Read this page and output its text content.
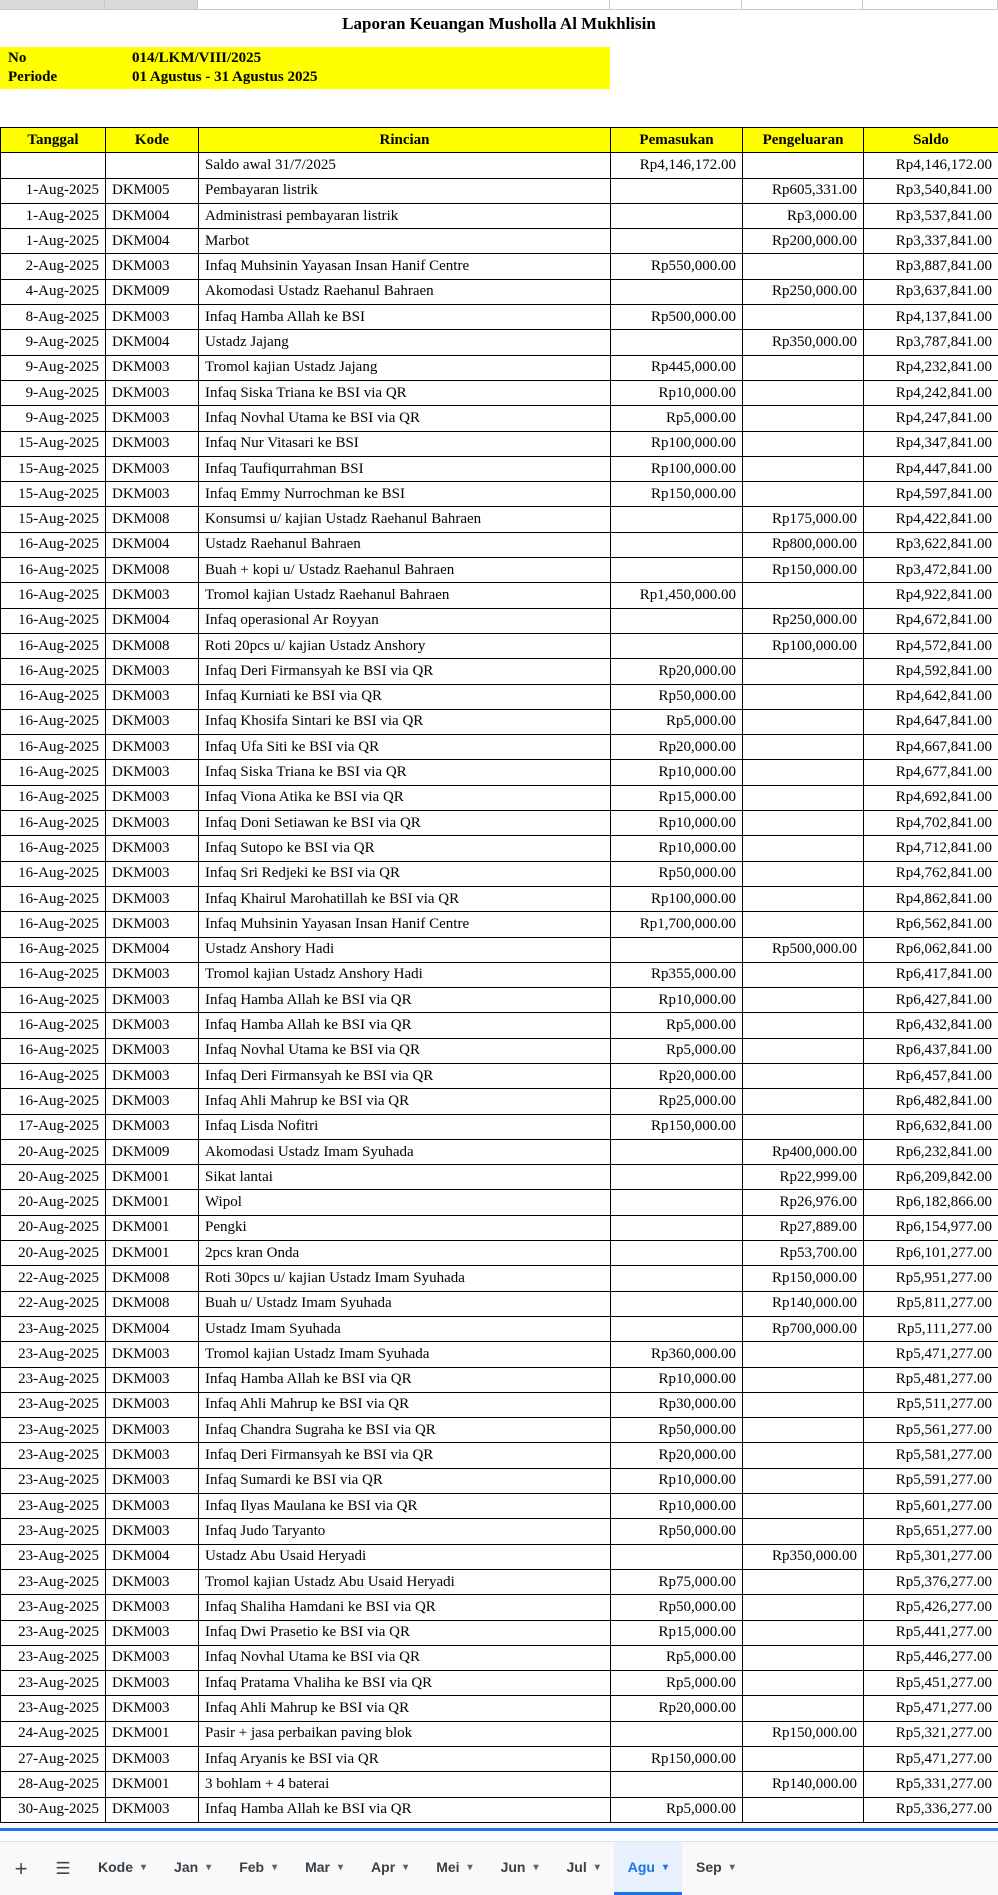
Laporan Keuangan Musholla Al Mukhlisin
No	014/LKM/VIII/2025
Periode	01 Agustus - 31 Agustus 2025
Tanggal	Kode	Rincian	Pemasukan	Pengeluaran	Saldo
		Saldo awal 31/7/2025	Rp4,146,172.00		Rp4,146,172.00
1-Aug-2025	DKM005	Pembayaran listrik		Rp605,331.00	Rp3,540,841.00
1-Aug-2025	DKM004	Administrasi pembayaran listrik		Rp3,000.00	Rp3,537,841.00
1-Aug-2025	DKM004	Marbot		Rp200,000.00	Rp3,337,841.00
2-Aug-2025	DKM003	Infaq Muhsinin Yayasan Insan Hanif Centre	Rp550,000.00		Rp3,887,841.00
4-Aug-2025	DKM009	Akomodasi Ustadz Raehanul Bahraen		Rp250,000.00	Rp3,637,841.00
8-Aug-2025	DKM003	Infaq Hamba Allah ke BSI	Rp500,000.00		Rp4,137,841.00
9-Aug-2025	DKM004	Ustadz Jajang		Rp350,000.00	Rp3,787,841.00
9-Aug-2025	DKM003	Tromol kajian Ustadz Jajang	Rp445,000.00		Rp4,232,841.00
9-Aug-2025	DKM003	Infaq Siska Triana ke BSI via QR	Rp10,000.00		Rp4,242,841.00
9-Aug-2025	DKM003	Infaq Novhal Utama ke BSI via QR	Rp5,000.00		Rp4,247,841.00
15-Aug-2025	DKM003	Infaq Nur Vitasari ke BSI	Rp100,000.00		Rp4,347,841.00
15-Aug-2025	DKM003	Infaq Taufiqurrahman BSI	Rp100,000.00		Rp4,447,841.00
15-Aug-2025	DKM003	Infaq Emmy Nurrochman ke BSI	Rp150,000.00		Rp4,597,841.00
15-Aug-2025	DKM008	Konsumsi u/ kajian Ustadz Raehanul Bahraen		Rp175,000.00	Rp4,422,841.00
16-Aug-2025	DKM004	Ustadz Raehanul Bahraen		Rp800,000.00	Rp3,622,841.00
16-Aug-2025	DKM008	Buah + kopi u/ Ustadz Raehanul Bahraen		Rp150,000.00	Rp3,472,841.00
16-Aug-2025	DKM003	Tromol kajian Ustadz Raehanul Bahraen	Rp1,450,000.00		Rp4,922,841.00
16-Aug-2025	DKM004	Infaq operasional Ar Royyan		Rp250,000.00	Rp4,672,841.00
16-Aug-2025	DKM008	Roti 20pcs u/ kajian Ustadz Anshory		Rp100,000.00	Rp4,572,841.00
16-Aug-2025	DKM003	Infaq Deri Firmansyah ke BSI via QR	Rp20,000.00		Rp4,592,841.00
16-Aug-2025	DKM003	Infaq Kurniati ke BSI via QR	Rp50,000.00		Rp4,642,841.00
16-Aug-2025	DKM003	Infaq Khosifa Sintari ke BSI via QR	Rp5,000.00		Rp4,647,841.00
16-Aug-2025	DKM003	Infaq Ufa Siti ke BSI via QR	Rp20,000.00		Rp4,667,841.00
16-Aug-2025	DKM003	Infaq Siska Triana ke BSI via QR	Rp10,000.00		Rp4,677,841.00
16-Aug-2025	DKM003	Infaq Viona Atika ke BSI via QR	Rp15,000.00		Rp4,692,841.00
16-Aug-2025	DKM003	Infaq Doni Setiawan ke BSI via QR	Rp10,000.00		Rp4,702,841.00
16-Aug-2025	DKM003	Infaq Sutopo ke BSI via QR	Rp10,000.00		Rp4,712,841.00
16-Aug-2025	DKM003	Infaq Sri Redjeki ke BSI via QR	Rp50,000.00		Rp4,762,841.00
16-Aug-2025	DKM003	Infaq Khairul Marohatillah ke BSI via QR	Rp100,000.00		Rp4,862,841.00
16-Aug-2025	DKM003	Infaq Muhsinin Yayasan Insan Hanif Centre	Rp1,700,000.00		Rp6,562,841.00
16-Aug-2025	DKM004	Ustadz Anshory Hadi		Rp500,000.00	Rp6,062,841.00
16-Aug-2025	DKM003	Tromol kajian Ustadz Anshory Hadi	Rp355,000.00		Rp6,417,841.00
16-Aug-2025	DKM003	Infaq Hamba Allah ke BSI via QR	Rp10,000.00		Rp6,427,841.00
16-Aug-2025	DKM003	Infaq Hamba Allah ke BSI via QR	Rp5,000.00		Rp6,432,841.00
16-Aug-2025	DKM003	Infaq Novhal Utama ke BSI via QR	Rp5,000.00		Rp6,437,841.00
16-Aug-2025	DKM003	Infaq Deri Firmansyah ke BSI via QR	Rp20,000.00		Rp6,457,841.00
16-Aug-2025	DKM003	Infaq Ahli Mahrup ke BSI via QR	Rp25,000.00		Rp6,482,841.00
17-Aug-2025	DKM003	Infaq Lisda Nofitri	Rp150,000.00		Rp6,632,841.00
20-Aug-2025	DKM009	Akomodasi Ustadz Imam Syuhada		Rp400,000.00	Rp6,232,841.00
20-Aug-2025	DKM001	Sikat lantai		Rp22,999.00	Rp6,209,842.00
20-Aug-2025	DKM001	Wipol		Rp26,976.00	Rp6,182,866.00
20-Aug-2025	DKM001	Pengki		Rp27,889.00	Rp6,154,977.00
20-Aug-2025	DKM001	2pcs kran Onda		Rp53,700.00	Rp6,101,277.00
22-Aug-2025	DKM008	Roti 30pcs u/ kajian Ustadz Imam Syuhada		Rp150,000.00	Rp5,951,277.00
22-Aug-2025	DKM008	Buah u/ Ustadz Imam Syuhada		Rp140,000.00	Rp5,811,277.00
23-Aug-2025	DKM004	Ustadz Imam Syuhada		Rp700,000.00	Rp5,111,277.00
23-Aug-2025	DKM003	Tromol kajian Ustadz Imam Syuhada	Rp360,000.00		Rp5,471,277.00
23-Aug-2025	DKM003	Infaq Hamba Allah ke BSI via QR	Rp10,000.00		Rp5,481,277.00
23-Aug-2025	DKM003	Infaq Ahli Mahrup ke BSI via QR	Rp30,000.00		Rp5,511,277.00
23-Aug-2025	DKM003	Infaq Chandra Sugraha ke BSI via QR	Rp50,000.00		Rp5,561,277.00
23-Aug-2025	DKM003	Infaq Deri Firmansyah ke BSI via QR	Rp20,000.00		Rp5,581,277.00
23-Aug-2025	DKM003	Infaq Sumardi ke BSI via QR	Rp10,000.00		Rp5,591,277.00
23-Aug-2025	DKM003	Infaq Ilyas Maulana ke BSI via QR	Rp10,000.00		Rp5,601,277.00
23-Aug-2025	DKM003	Infaq Judo Taryanto	Rp50,000.00		Rp5,651,277.00
23-Aug-2025	DKM004	Ustadz Abu Usaid Heryadi		Rp350,000.00	Rp5,301,277.00
23-Aug-2025	DKM003	Tromol kajian Ustadz Abu Usaid Heryadi	Rp75,000.00		Rp5,376,277.00
23-Aug-2025	DKM003	Infaq Shaliha Hamdani ke BSI via QR	Rp50,000.00		Rp5,426,277.00
23-Aug-2025	DKM003	Infaq Dwi Prasetio ke BSI via QR	Rp15,000.00		Rp5,441,277.00
23-Aug-2025	DKM003	Infaq Novhal Utama ke BSI via QR	Rp5,000.00		Rp5,446,277.00
23-Aug-2025	DKM003	Infaq Pratama Vhaliha ke BSI via QR	Rp5,000.00		Rp5,451,277.00
23-Aug-2025	DKM003	Infaq Ahli Mahrup ke BSI via QR	Rp20,000.00		Rp5,471,277.00
24-Aug-2025	DKM001	Pasir + jasa perbaikan paving blok		Rp150,000.00	Rp5,321,277.00
27-Aug-2025	DKM003	Infaq Aryanis ke BSI via QR	Rp150,000.00		Rp5,471,277.00
28-Aug-2025	DKM001	3 bohlam + 4 baterai		Rp140,000.00	Rp5,331,277.00
30-Aug-2025	DKM003	Infaq Hamba Allah ke BSI via QR	Rp5,000.00		Rp5,336,277.00
+ ☰ Kode ▾ Jan ▾ Feb ▾ Mar ▾ Apr ▾ Mei ▾ Jun ▾ Jul ▾ Agu ▾ Sep ▾
